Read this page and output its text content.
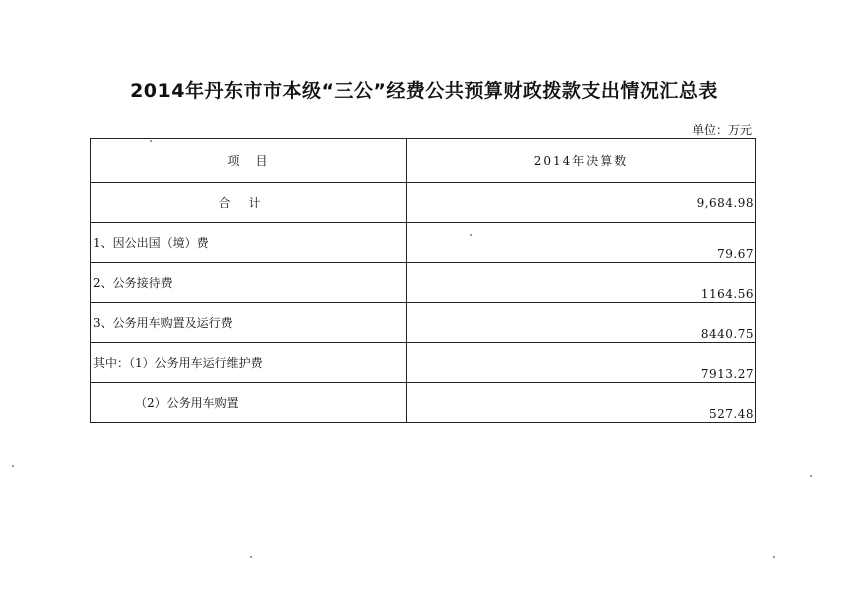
2014年丹东市市本级“三公”经费公共预算财政拨款支出情况汇总表
单位：万元
项　目	2014年决算数
合计	9,684.98
1、因公出国（境）费	79.67
2、公务接待费	1164.56
3、公务用车购置及运行费	8440.75
其中：（1）公务用车运行维护费	7913.27
（2）公务用车购置	527.48
